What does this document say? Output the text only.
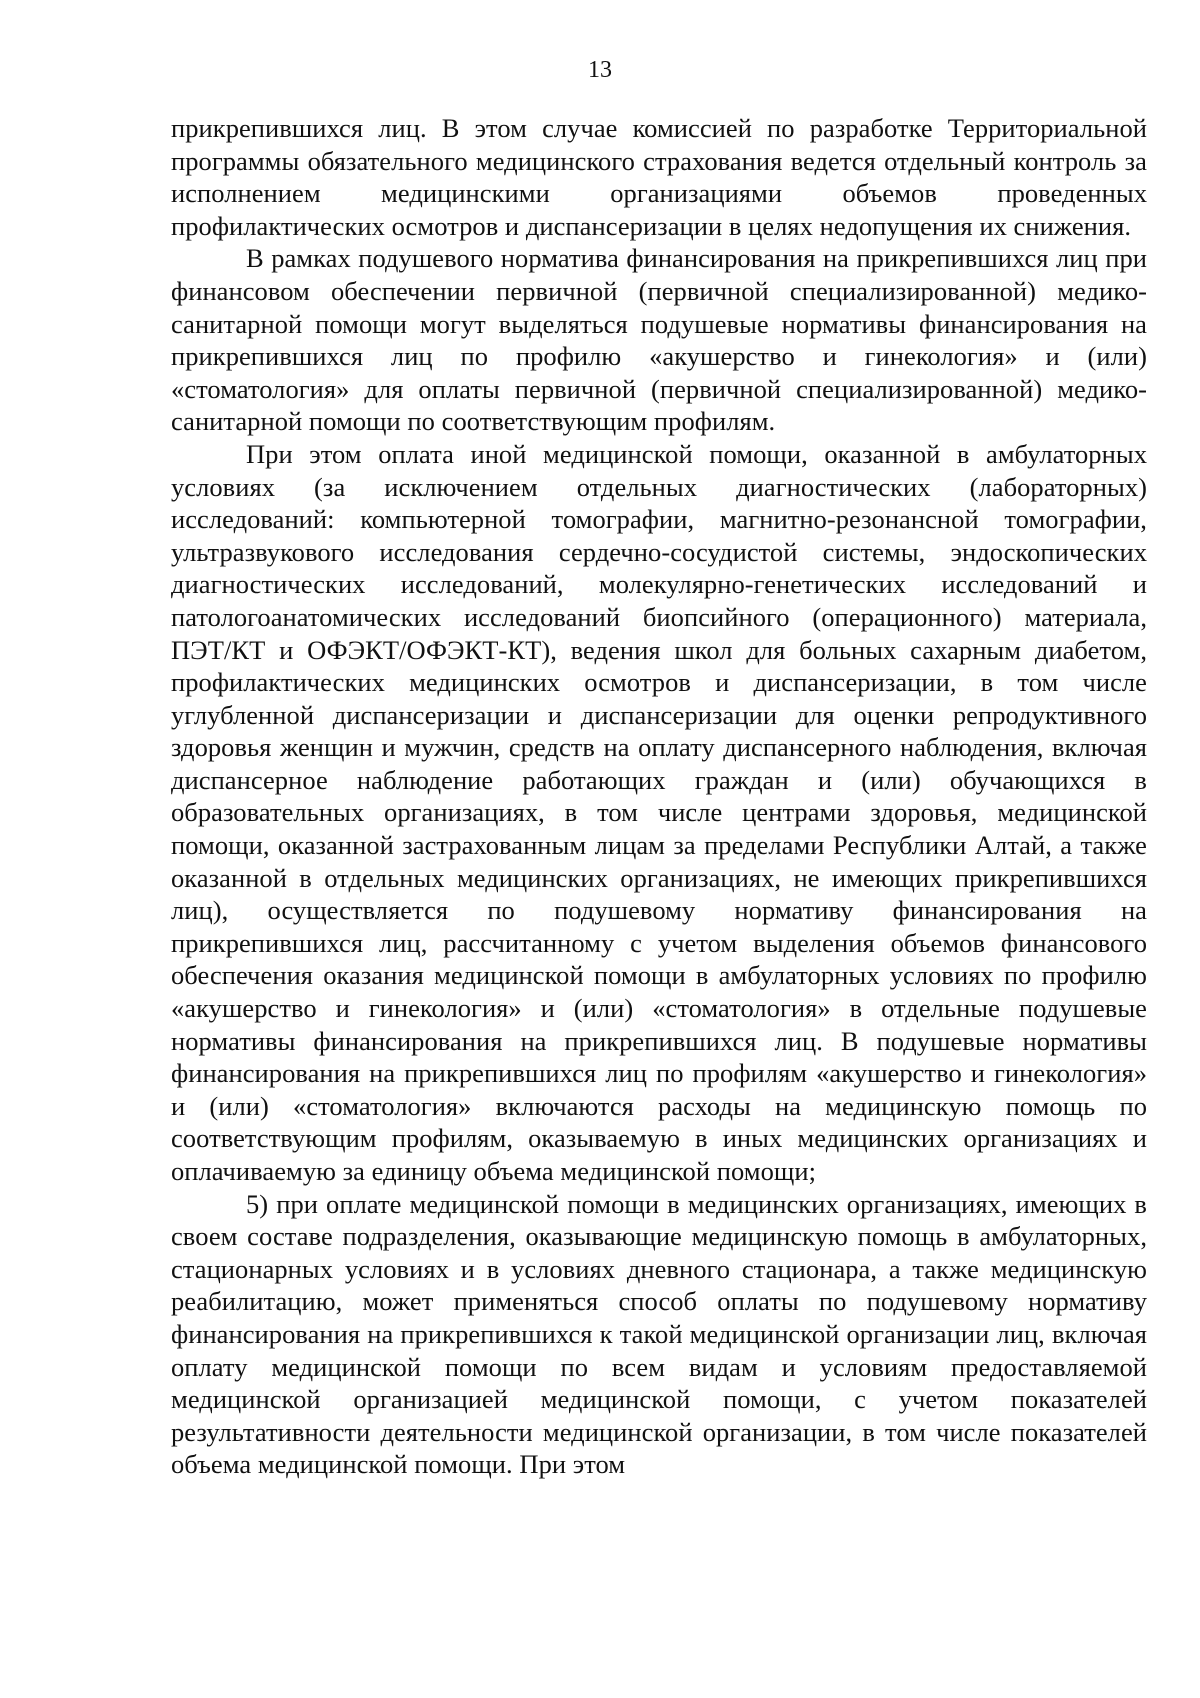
13

прикрепившихся лиц. В этом случае комиссией по разработке Территориальной программы обязательного медицинского страхования ведется отдельный контроль за исполнением медицинскими организациями объемов проведенных профилактических осмотров и диспансеризации в целях недопущения их снижения.

В рамках подушевого норматива финансирования на прикрепившихся лиц при финансовом обеспечении первичной (первичной специализированной) медико-санитарной помощи могут выделяться подушевые нормативы финансирования на прикрепившихся лиц по профилю «акушерство и гинекология» и (или) «стоматология» для оплаты первичной (первичной специализированной) медико-санитарной помощи по соответствующим профилям.

При этом оплата иной медицинской помощи, оказанной в амбулаторных условиях (за исключением отдельных диагностических (лабораторных) исследований: компьютерной томографии, магнитно-резонансной томографии, ультразвукового исследования сердечно-сосудистой системы, эндоскопических диагностических исследований, молекулярно-генетических исследований и патологоанатомических исследований биопсийного (операционного) материала, ПЭТ/КТ и ОФЭКТ/ОФЭКТ-КТ), ведения школ для больных сахарным диабетом, профилактических медицинских осмотров и диспансеризации, в том числе углубленной диспансеризации и диспансеризации для оценки репродуктивного здоровья женщин и мужчин, средств на оплату диспансерного наблюдения, включая диспансерное наблюдение работающих граждан и (или) обучающихся в образовательных организациях, в том числе центрами здоровья, медицинской помощи, оказанной застрахованным лицам за пределами Республики Алтай, а также оказанной в отдельных медицинских организациях, не имеющих прикрепившихся лиц), осуществляется по подушевому нормативу финансирования на прикрепившихся лиц, рассчитанному с учетом выделения объемов финансового обеспечения оказания медицинской помощи в амбулаторных условиях по профилю «акушерство и гинекология» и (или) «стоматология» в отдельные подушевые нормативы финансирования на прикрепившихся лиц. В подушевые нормативы финансирования на прикрепившихся лиц по профилям «акушерство и гинекология» и (или) «стоматология» включаются расходы на медицинскую помощь по соответствующим профилям, оказываемую в иных медицинских организациях и оплачиваемую за единицу объема медицинской помощи;

5) при оплате медицинской помощи в медицинских организациях, имеющих в своем составе подразделения, оказывающие медицинскую помощь в амбулаторных, стационарных условиях и в условиях дневного стационара, а также медицинскую реабилитацию, может применяться способ оплаты по подушевому нормативу финансирования на прикрепившихся к такой медицинской организации лиц, включая оплату медицинской помощи по всем видам и условиям предоставляемой медицинской организацией медицинской помощи, с учетом показателей результативности деятельности медицинской организации, в том числе показателей объема медицинской помощи. При этом
